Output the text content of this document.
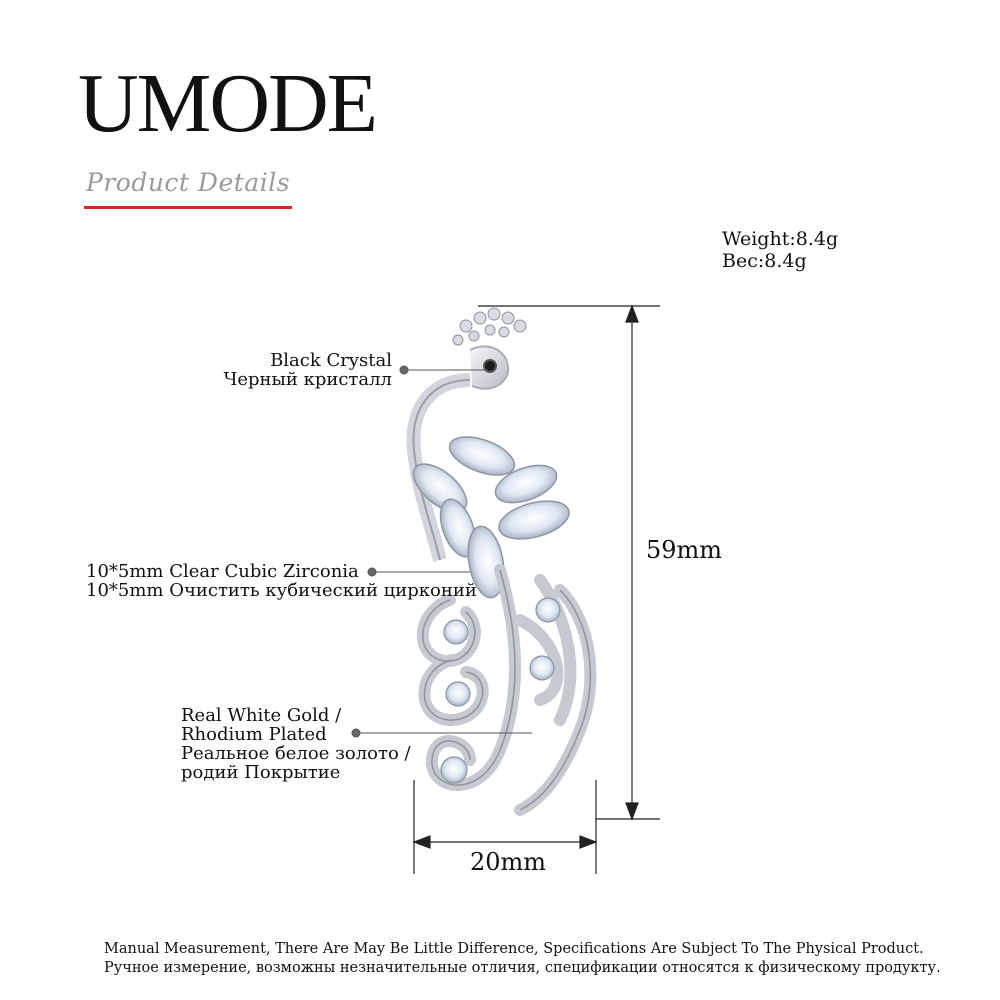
UMODE
Product Details
Weight:8.4g
Вес:8.4g
Black Crystal
Черный кристалл
10*5mm Clear Cubic Zirconia
10*5mm Очистить кубический цирконий
Real White Gold /
Rhodium Plated
Реальное белое золото /
родий Покрытие
59mm
20mm
Manual Measurement, There Are May Be Little Difference, Specifications Are Subject To The Physical Product.
Ручное измерение, возможны незначительные отличия, спецификации относятся к физическому продукту.
